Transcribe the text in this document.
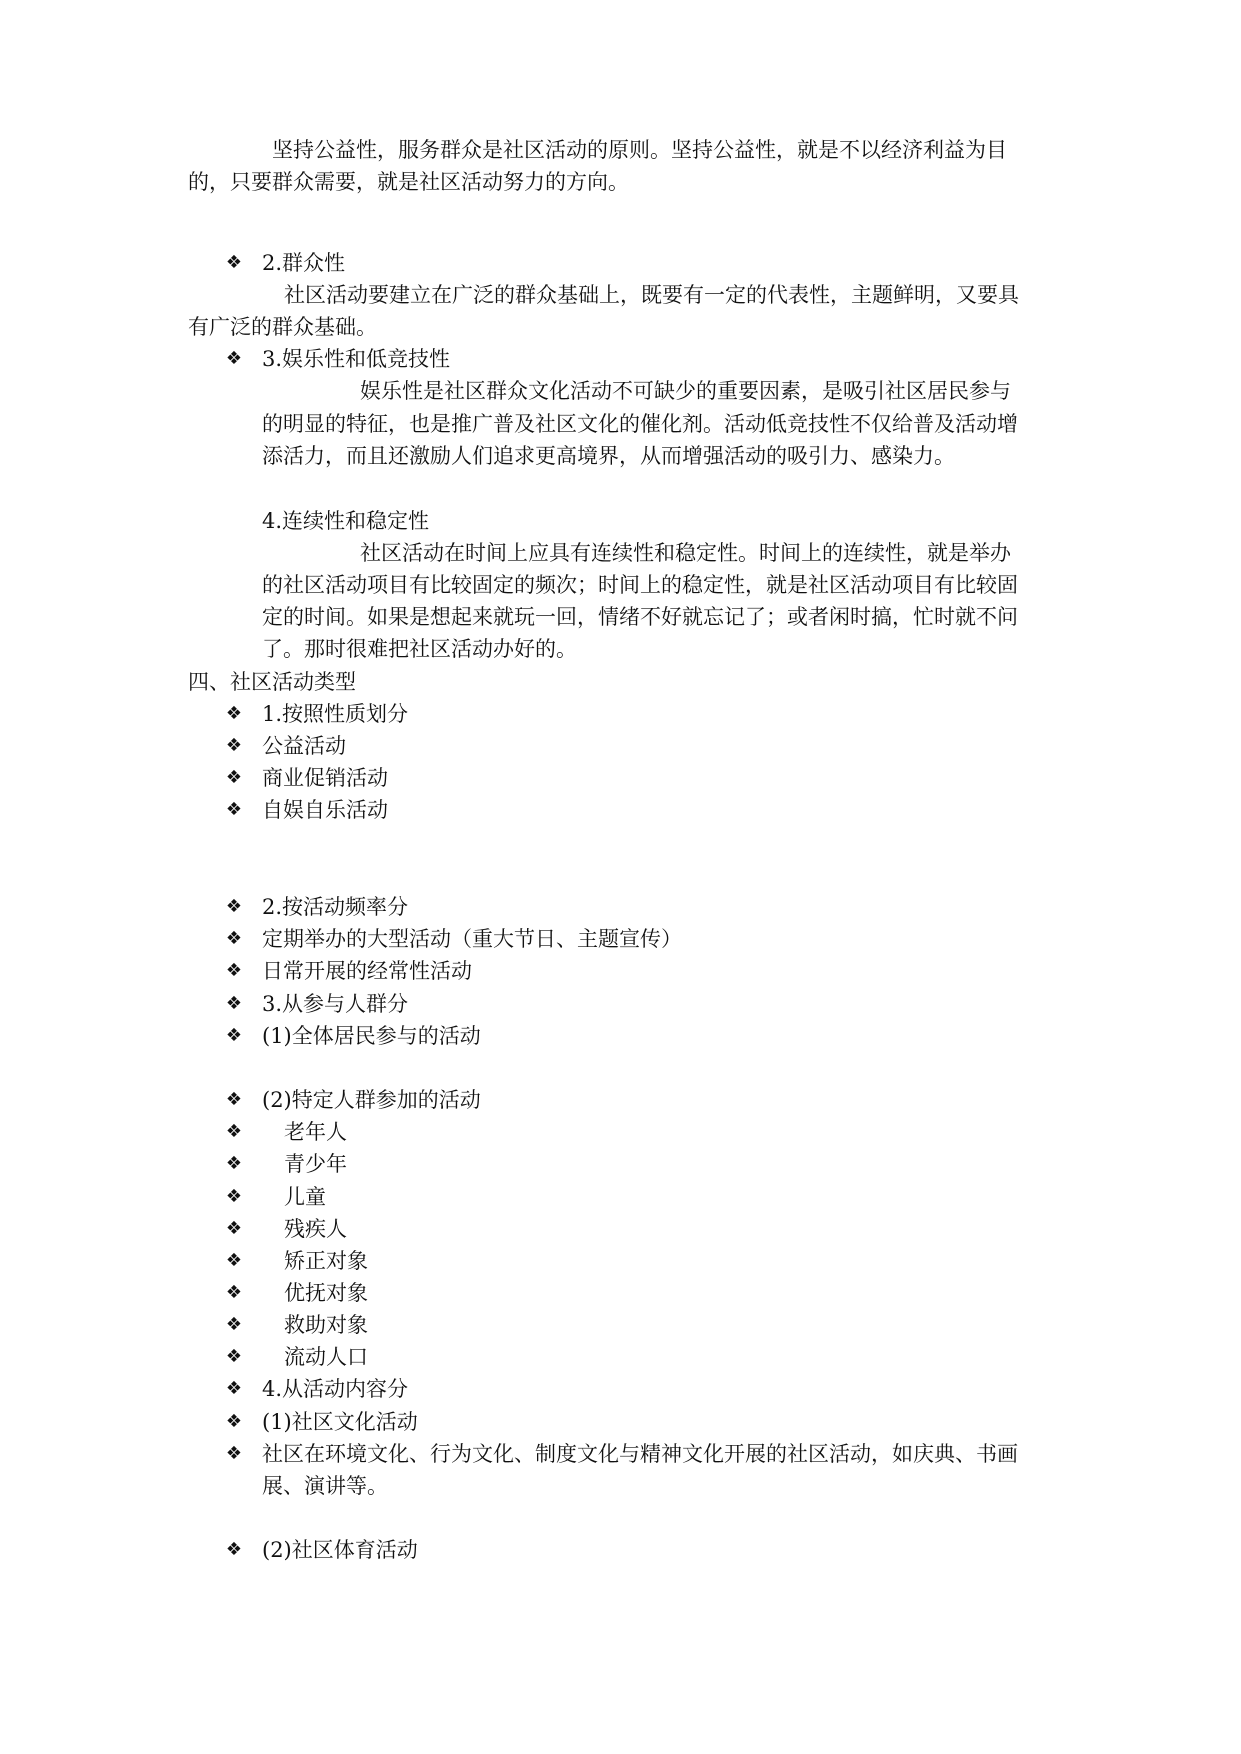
坚持公益性，服务群众是社区活动的原则。坚持公益性，就是不以经济利益为目
的，只要群众需要，就是社区活动努力的方向。
❖ 2.群众性
社区活动要建立在广泛的群众基础上，既要有一定的代表性，主题鲜明，又要具
有广泛的群众基础。
❖ 3.娱乐性和低竞技性
娱乐性是社区群众文化活动不可缺少的重要因素，是吸引社区居民参与
的明显的特征，也是推广普及社区文化的催化剂。活动低竞技性不仅给普及活动增
添活力，而且还激励人们追求更高境界，从而增强活动的吸引力、感染力。
4.连续性和稳定性
社区活动在时间上应具有连续性和稳定性。时间上的连续性，就是举办
的社区活动项目有比较固定的频次；时间上的稳定性，就是社区活动项目有比较固
定的时间。如果是想起来就玩一回，情绪不好就忘记了；或者闲时搞，忙时就不问
了。那时很难把社区活动办好的。
四、社区活动类型
❖ 1.按照性质划分
❖ 公益活动
❖ 商业促销活动
❖ 自娱自乐活动
❖ 2.按活动频率分
❖ 定期举办的大型活动（重大节日、主题宣传）
❖ 日常开展的经常性活动
❖ 3.从参与人群分
❖ (1)全体居民参与的活动
❖ (2)特定人群参加的活动
❖ 老年人
❖ 青少年
❖ 儿童
❖ 残疾人
❖ 矫正对象
❖ 优抚对象
❖ 救助对象
❖ 流动人口
❖ 4.从活动内容分
❖ (1)社区文化活动
❖ 社区在环境文化、行为文化、制度文化与精神文化开展的社区活动，如庆典、书画
展、演讲等。
❖ (2)社区体育活动
